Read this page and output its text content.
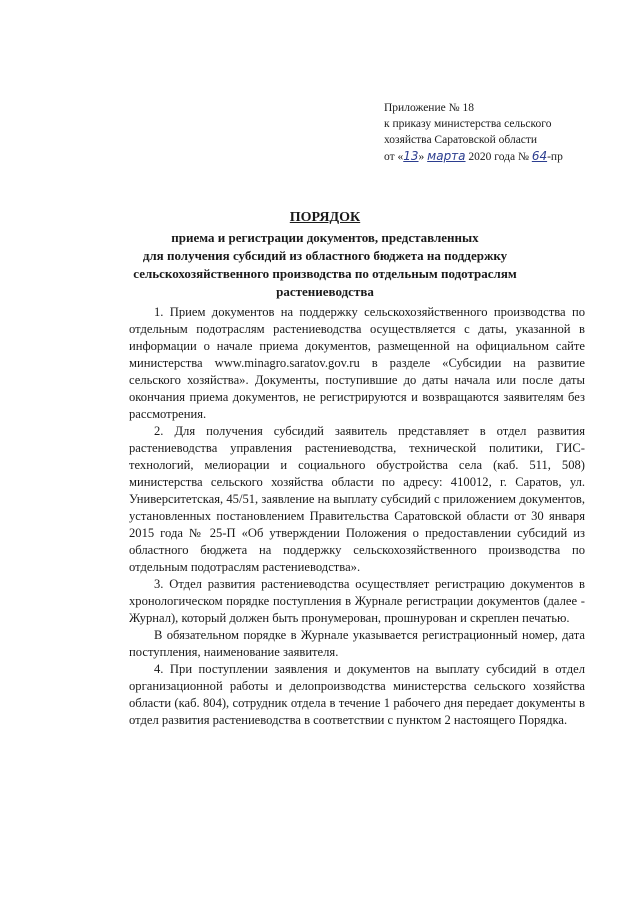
Приложение № 18
к приказу министерства сельского
хозяйства Саратовской области
от «13» марта 2020 года № 64-пр
ПОРЯДОК
приема и регистрации документов, представленных
для получения субсидий из областного бюджета на поддержку
сельскохозяйственного производства по отдельным подотраслям
растениеводства

1. Прием документов на поддержку сельскохозяйственного производства по отдельным подотраслям растениеводства осуществляется с даты, указанной в информации о начале приема документов, размещенной на официальном сайте министерства www.minagro.saratov.gov.ru в разделе «Субсидии на развитие сельского хозяйства». Документы, поступившие до даты начала или после даты окончания приема документов, не регистрируются и возвращаются заявителям без рассмотрения.

2. Для получения субсидий заявитель представляет в отдел развития растениеводства управления растениеводства, технической политики, ГИС-технологий, мелиорации и социального обустройства села (каб. 511, 508) министерства сельского хозяйства области по адресу: 410012, г. Саратов, ул. Университетская, 45/51, заявление на выплату субсидий с приложением документов, установленных постановлением Правительства Саратовской области от 30 января 2015 года № 25-П «Об утверждении Положения о предоставлении субсидий из областного бюджета на поддержку сельскохозяйственного производства по отдельным подотраслям растениеводства».

3. Отдел развития растениеводства осуществляет регистрацию документов в хронологическом порядке поступления в Журнале регистрации документов (далее - Журнал), который должен быть пронумерован, прошнурован и скреплен печатью.

В обязательном порядке в Журнале указывается регистрационный номер, дата поступления, наименование заявителя.

4. При поступлении заявления и документов на выплату субсидий в отдел организационной работы и делопроизводства министерства сельского хозяйства области (каб. 804), сотрудник отдела в течение 1 рабочего дня передает документы в отдел развития растениеводства в соответствии с пунктом 2 настоящего Порядка.
